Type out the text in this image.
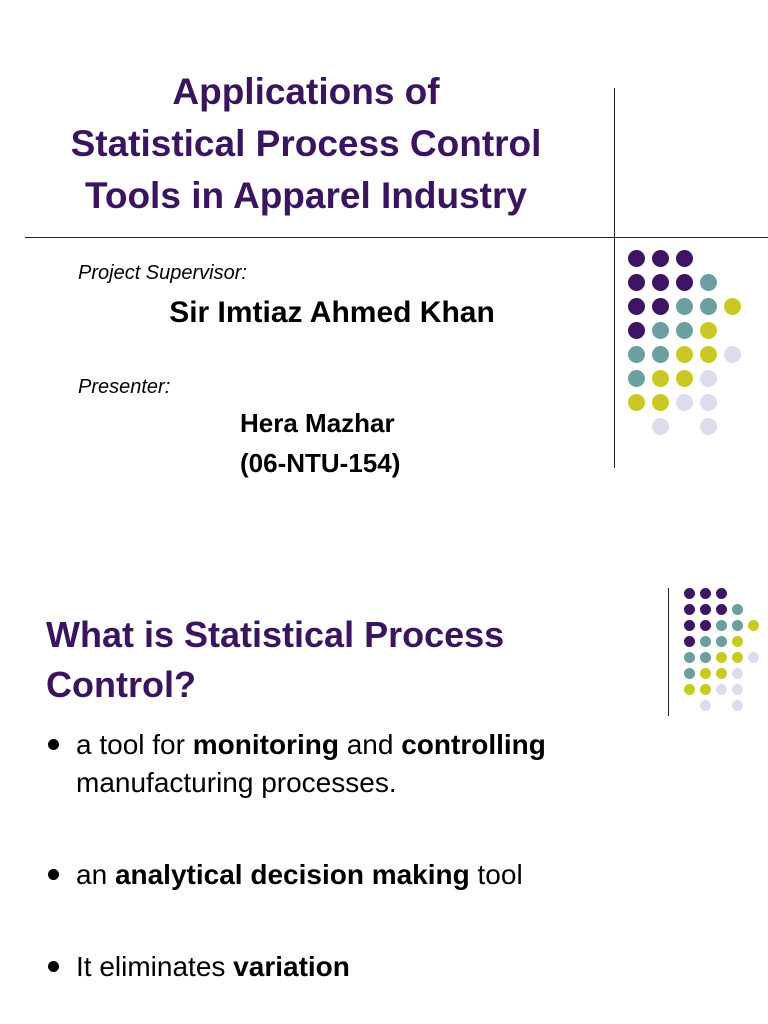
Applications of
Statistical Process Control
Tools in Apparel Industry
Project Supervisor:
Sir Imtiaz Ahmed Khan
Presenter:
Hera Mazhar
(06-NTU-154)
What is Statistical Process
Control?
a tool for monitoring and controlling manufacturing processes.
an analytical decision making tool
It eliminates variation
